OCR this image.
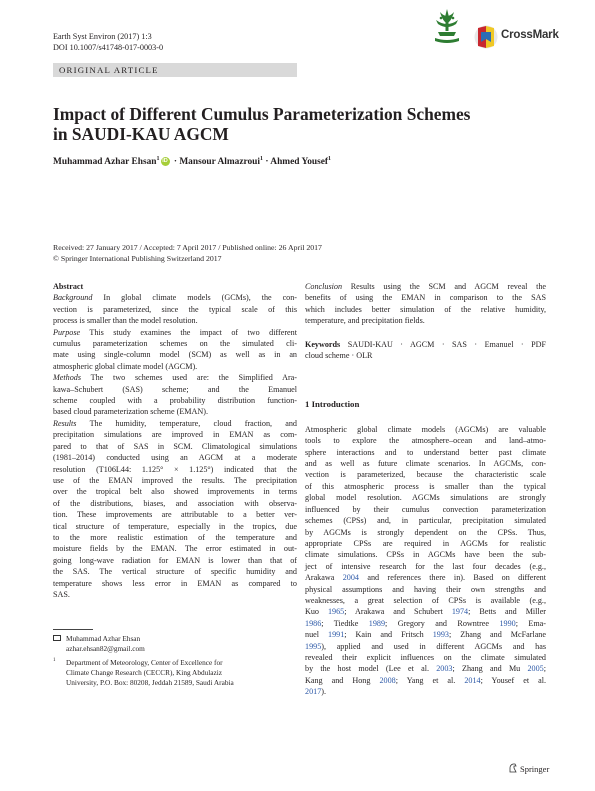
Earth Syst Environ (2017) 1:3
DOI 10.1007/s41748-017-0003-0
CrossMark
ORIGINAL ARTICLE
Impact of Different Cumulus Parameterization Schemes
in SAUDI-KAU AGCM
Muhammad Azhar Ehsan$^1$ iD · Mansour Almazroui$^1$ · Ahmed Yousef$^1$
Received: 27 January 2017 / Accepted: 7 April 2017 / Published online: 26 April 2017
© Springer International Publishing Switzerland 2017

Abstract

Background In global climate models (GCMs), the con-
vection is parameterized, since the typical scale of this
process is smaller than the model resolution.
Purpose This study examines the impact of two different
cumulus parameterization schemes on the simulated cli-
mate using single-column model (SCM) as well as in an
atmospheric global climate model (AGCM).
Methods The two schemes used are: the Simplified Ara-
kawa–Schubert (SAS) scheme; and the Emanuel
scheme coupled with a probability distribution function-
based cloud parameterization scheme (EMAN).
Results The humidity, temperature, cloud fraction, and
precipitation simulations are improved in EMAN as com-
pared to that of SAS in SCM. Climatological simulations
(1981–2014) conducted using an AGCM at a moderate
resolution (T106L44: 1.125° × 1.125°) indicated that the
use of the EMAN improved the results. The precipitation
over the tropical belt also showed improvements in terms
of the distributions, biases, and association with observa-
tion. These improvements are attributable to a better ver-
tical structure of temperature, especially in the tropics, due
to the more realistic estimation of the temperature and
moisture fields by the EMAN. The error estimated in out-
going long-wave radiation for EMAN is lower than that of
the SAS. The vertical structure of specific humidity and
temperature shows less error in EMAN as compared to
SAS.
Conclusion Results using the SCM and AGCM reveal the
benefits of using the EMAN in comparison to the SAS
which includes better simulation of the relative humidity,
temperature, and precipitation fields.

Keywords SAUDI-KAU · AGCM · SAS · Emanuel · PDF
cloud scheme · OLR

1 Introduction

Atmospheric global climate models (AGCMs) are valuable
tools to explore the atmosphere–ocean and land–atmo-
sphere interactions and to understand better past climate
and as well as future climate scenarios. In AGCMs, con-
vection is parameterized, because the characteristic scale
of this atmospheric process is smaller than the typical
global model resolution. AGCMs simulations are strongly
influenced by their cumulus convection parameterization
schemes (CPSs) and, in particular, precipitation simulated
by AGCMs is strongly dependent on the CPSs. Thus,
appropriate CPSs are required in AGCMs for realistic
climate simulations. CPSs in AGCMs have been the sub-
ject of intensive research for the last four decades (e.g.,
Arakawa 2004 and references there in). Based on different
physical assumptions and having their own strengths and
weaknesses, a great selection of CPSs is available (e.g.,
Kuo 1965; Arakawa and Schubert 1974; Betts and Miller
1986; Tiedtke 1989; Gregory and Rowntree 1990; Ema-
nuel 1991; Kain and Fritsch 1993; Zhang and McFarlane
1995), applied and used in different AGCMs and has
revealed their explicit influences on the climate simulated
by the host model (Lee et al. 2003; Zhang and Mu 2005;
Kang and Hong 2008; Yang et al. 2014; Yousef et al.
2017).
Muhammad Azhar Ehsan
azhar.ehsan82@gmail.com
1	Department of Meteorology, Center of Excellence for
Climate Change Research (CECCR), King Abdulaziz
University, P.O. Box: 80208, Jeddah 21589, Saudi Arabia
Springer
